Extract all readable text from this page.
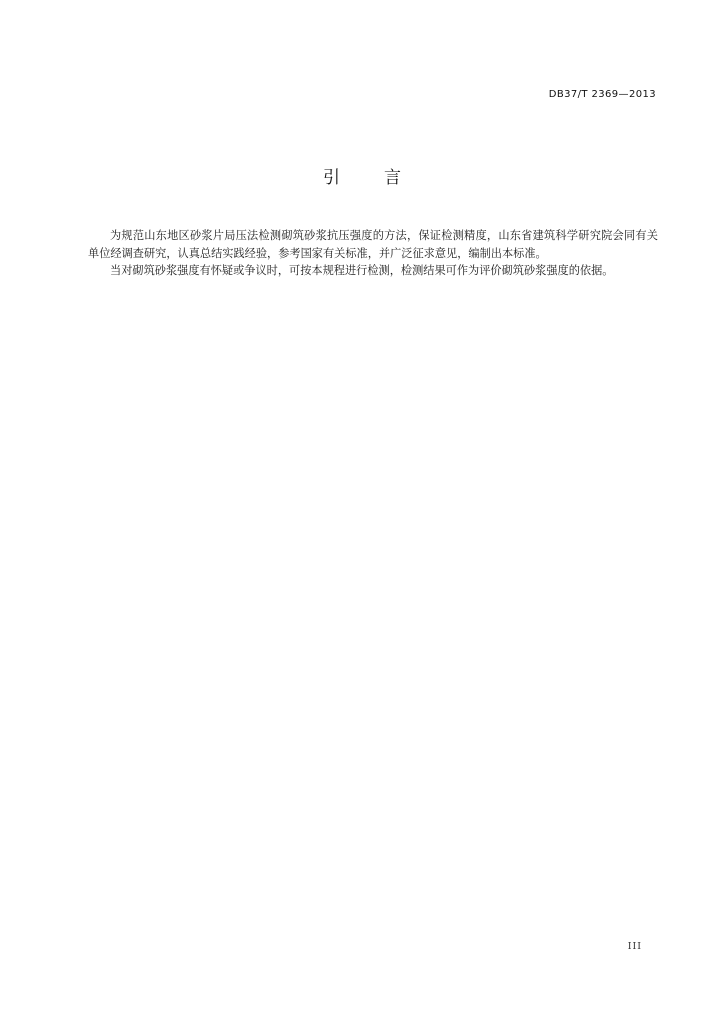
DB37/T 2369—2013
引	言

为规范山东地区砂浆片局压法检测砌筑砂浆抗压强度的方法，保证检测精度，山东省建筑科学研究院会同有关单位经调查研究，认真总结实践经验，参考国家有关标准，并广泛征求意见，编制出本标准。

当对砌筑砂浆强度有怀疑或争议时，可按本规程进行检测，检测结果可作为评价砌筑砂浆强度的依据。

III
